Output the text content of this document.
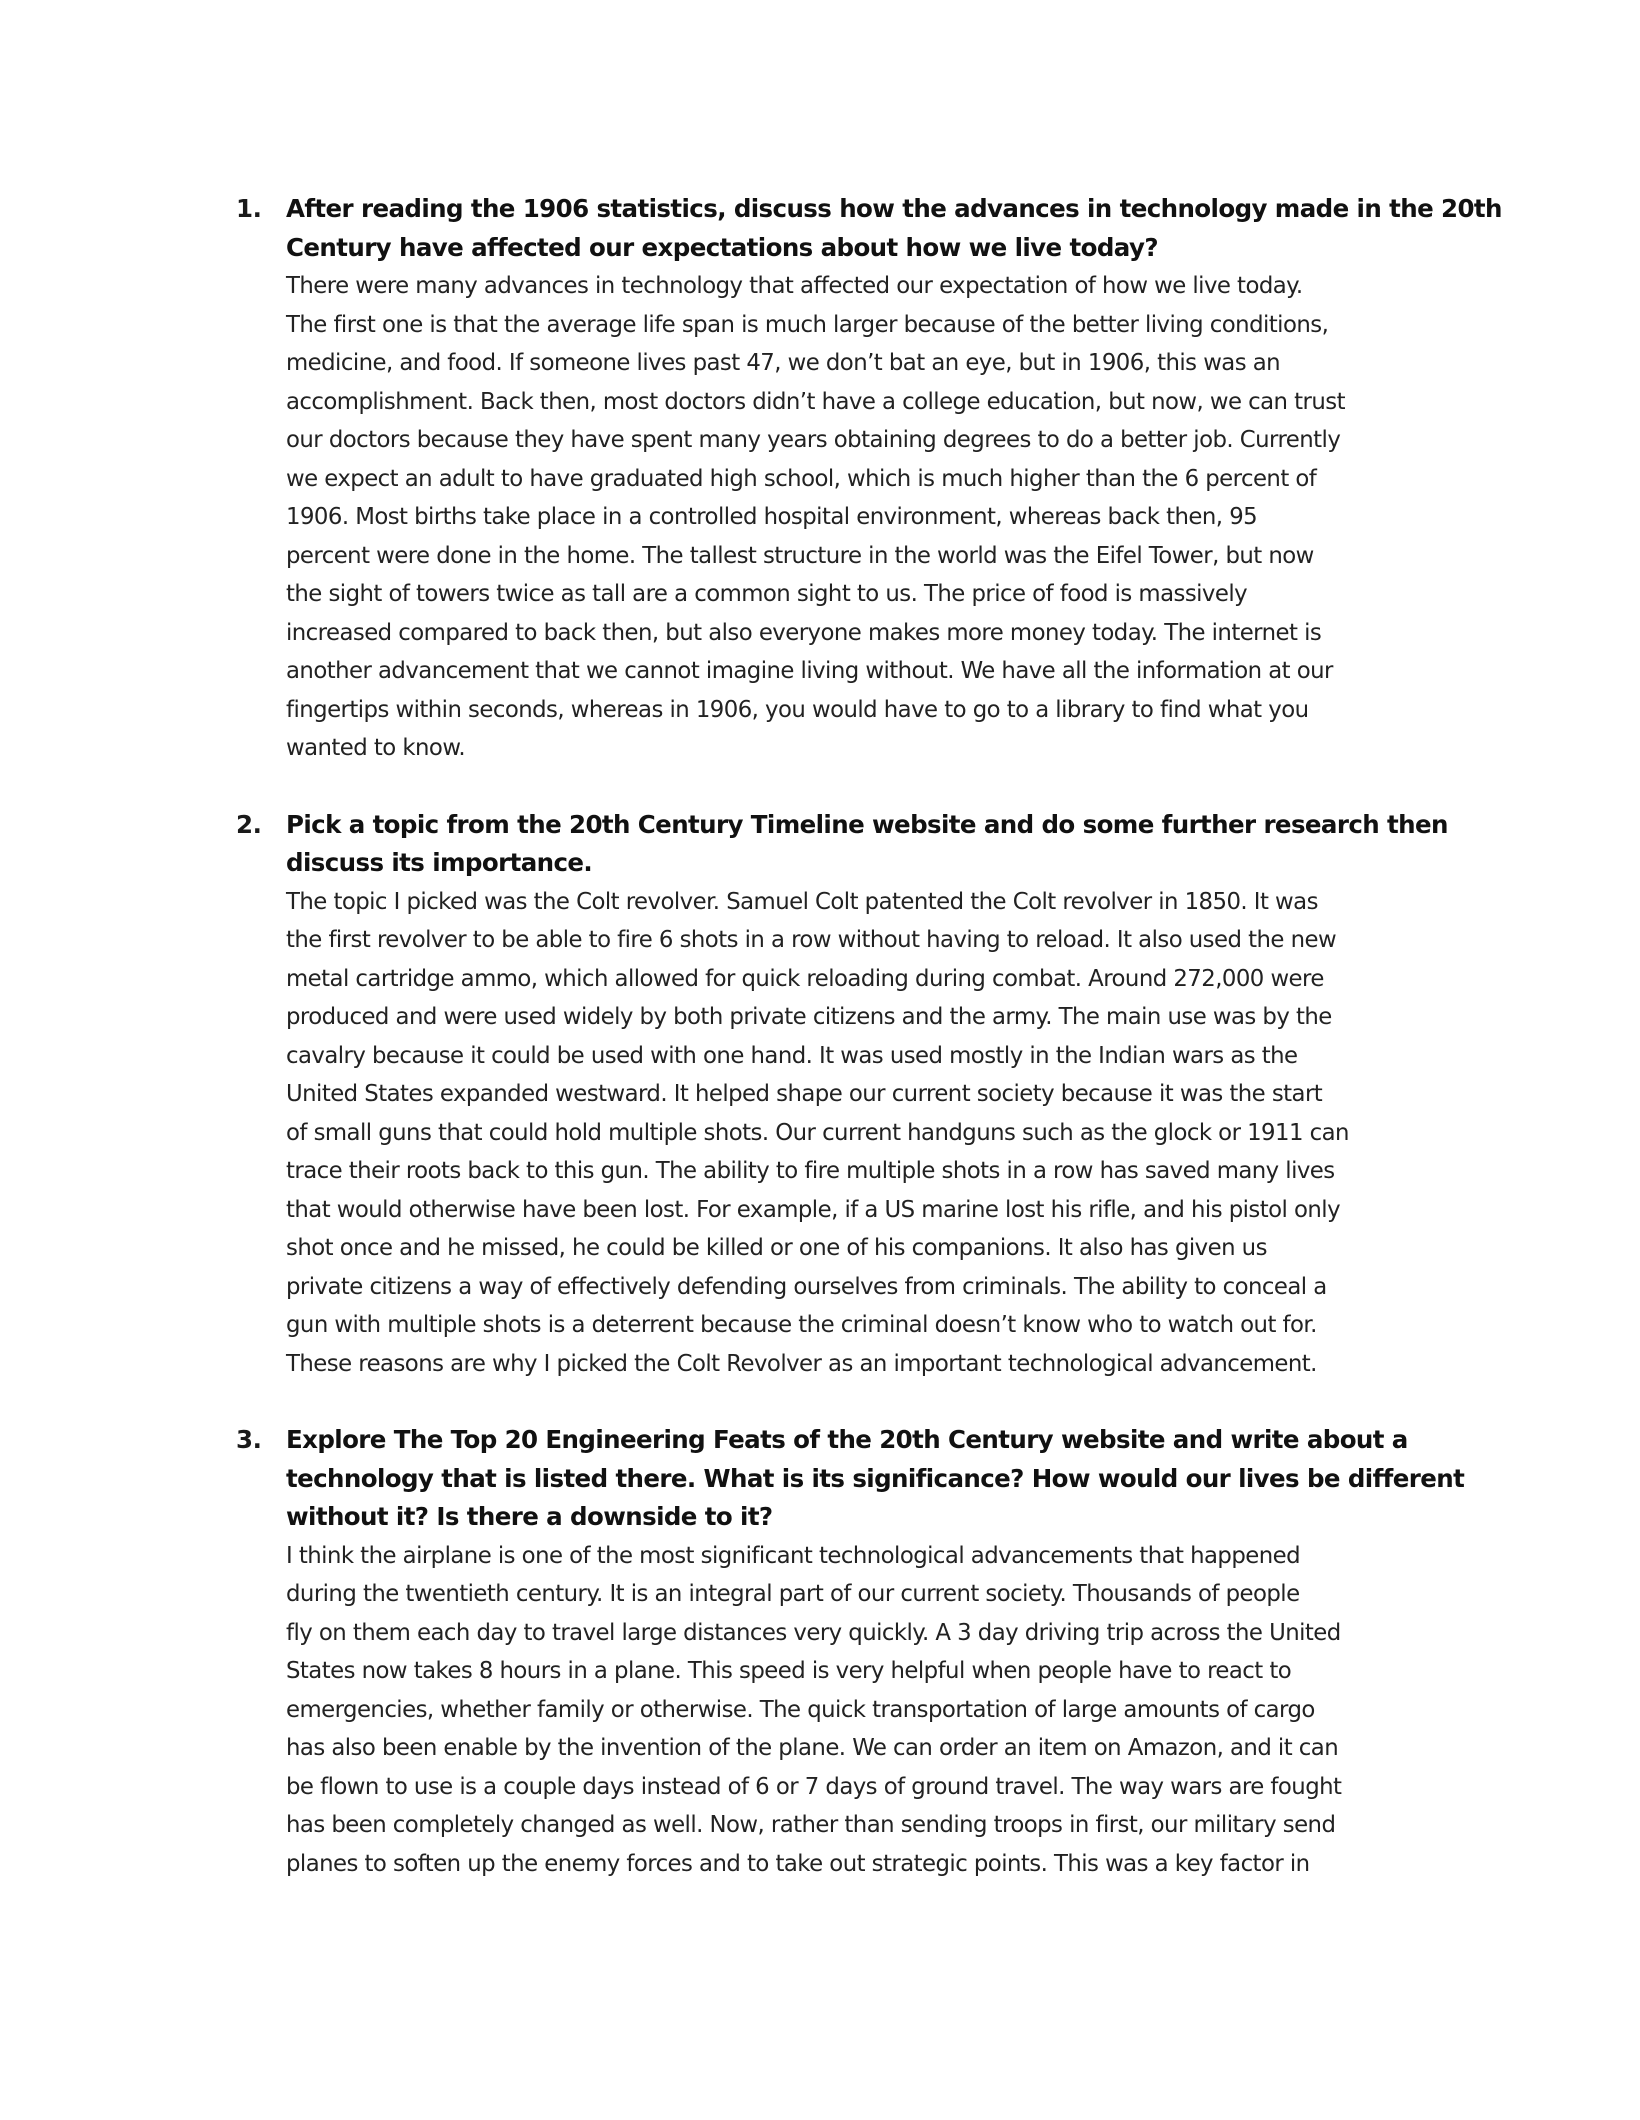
1. After reading the 1906 statistics, discuss how the advances in technology made in the 20th
Century have affected our expectations about how we live today?

There were many advances in technology that affected our expectation of how we live today.
The first one is that the average life span is much larger because of the better living conditions,
medicine, and food. If someone lives past 47, we don’t bat an eye, but in 1906, this was an
accomplishment. Back then, most doctors didn’t have a college education, but now, we can trust
our doctors because they have spent many years obtaining degrees to do a better job. Currently
we expect an adult to have graduated high school, which is much higher than the 6 percent of
1906. Most births take place in a controlled hospital environment, whereas back then, 95
percent were done in the home. The tallest structure in the world was the Eifel Tower, but now
the sight of towers twice as tall are a common sight to us. The price of food is massively
increased compared to back then, but also everyone makes more money today. The internet is
another advancement that we cannot imagine living without. We have all the information at our
fingertips within seconds, whereas in 1906, you would have to go to a library to find what you
wanted to know.

2. Pick a topic from the 20th Century Timeline website and do some further research then
discuss its importance.

The topic I picked was the Colt revolver. Samuel Colt patented the Colt revolver in 1850. It was
the first revolver to be able to fire 6 shots in a row without having to reload. It also used the new
metal cartridge ammo, which allowed for quick reloading during combat. Around 272,000 were
produced and were used widely by both private citizens and the army. The main use was by the
cavalry because it could be used with one hand. It was used mostly in the Indian wars as the
United States expanded westward. It helped shape our current society because it was the start
of small guns that could hold multiple shots. Our current handguns such as the glock or 1911 can
trace their roots back to this gun. The ability to fire multiple shots in a row has saved many lives
that would otherwise have been lost. For example, if a US marine lost his rifle, and his pistol only
shot once and he missed, he could be killed or one of his companions. It also has given us
private citizens a way of effectively defending ourselves from criminals. The ability to conceal a
gun with multiple shots is a deterrent because the criminal doesn’t know who to watch out for.
These reasons are why I picked the Colt Revolver as an important technological advancement.

3. Explore The Top 20 Engineering Feats of the 20th Century website and write about a
technology that is listed there. What is its significance? How would our lives be different
without it? Is there a downside to it?

I think the airplane is one of the most significant technological advancements that happened
during the twentieth century. It is an integral part of our current society. Thousands of people
fly on them each day to travel large distances very quickly. A 3 day driving trip across the United
States now takes 8 hours in a plane. This speed is very helpful when people have to react to
emergencies, whether family or otherwise. The quick transportation of large amounts of cargo
has also been enable by the invention of the plane. We can order an item on Amazon, and it can
be flown to use is a couple days instead of 6 or 7 days of ground travel. The way wars are fought
has been completely changed as well. Now, rather than sending troops in first, our military send
planes to soften up the enemy forces and to take out strategic points. This was a key factor in
